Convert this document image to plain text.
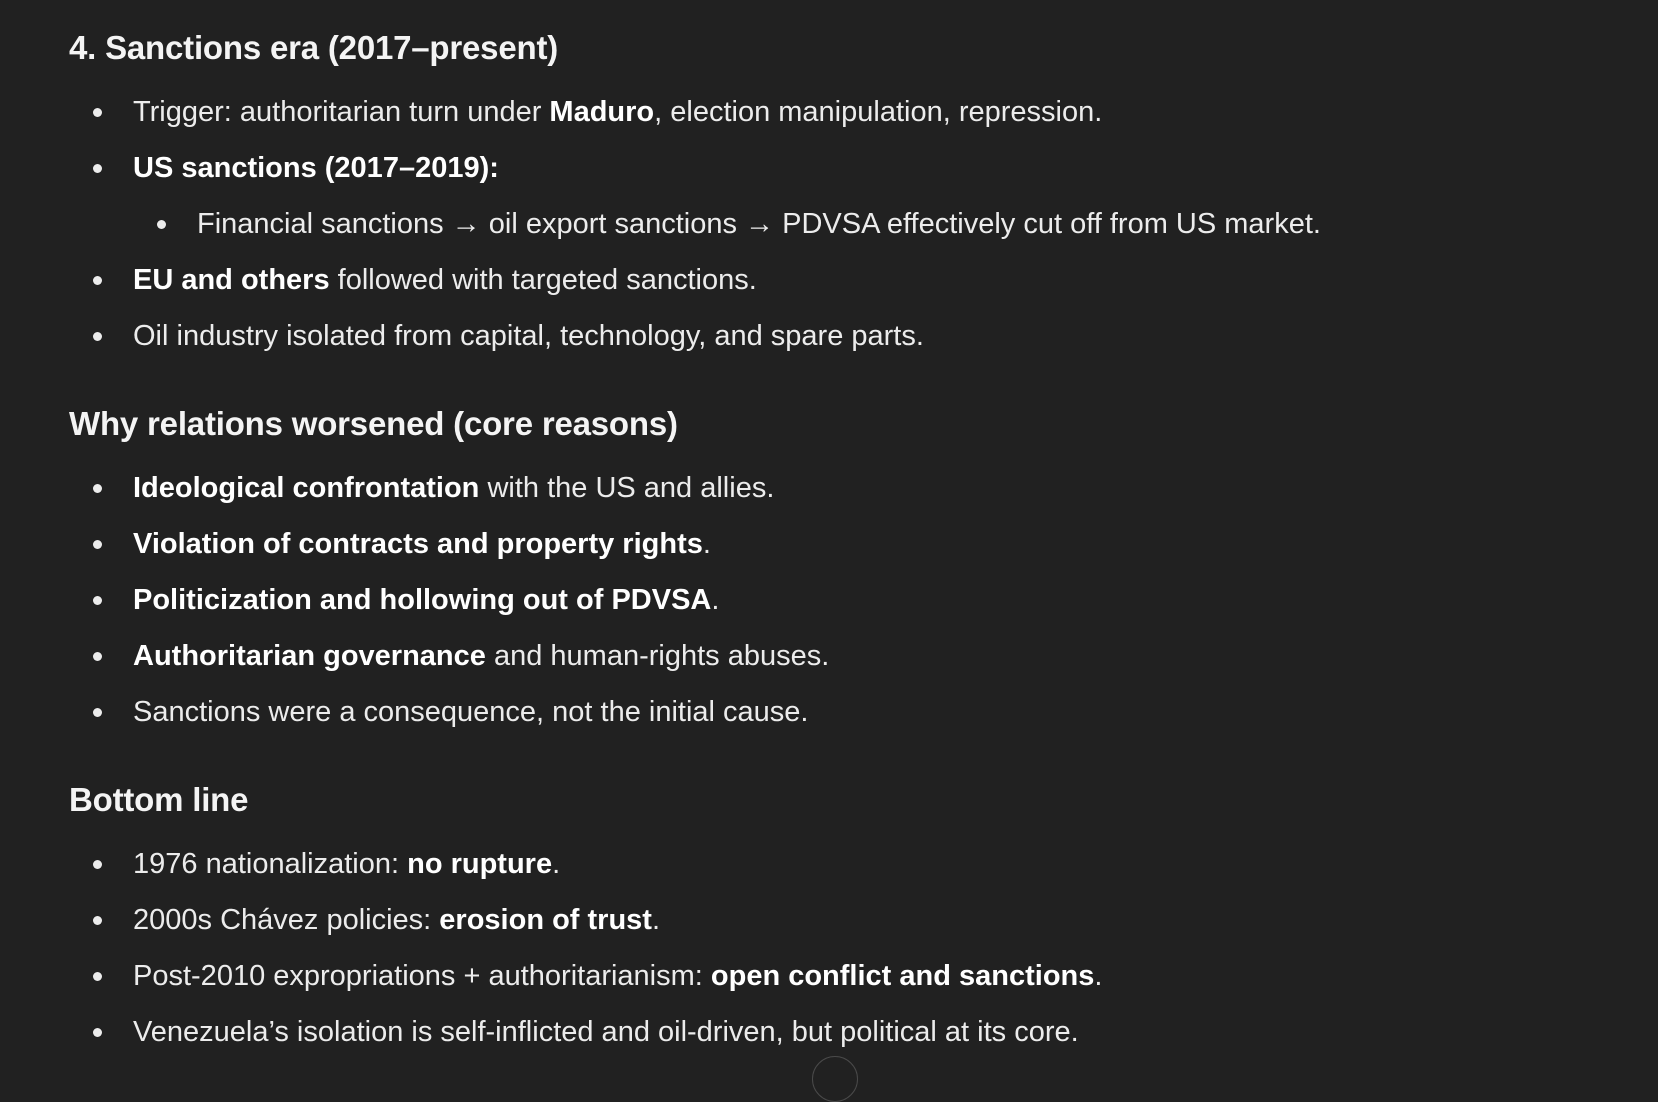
4. Sanctions era (2017–present)
Trigger: authoritarian turn under Maduro, election manipulation, repression.
US sanctions (2017–2019):
Financial sanctions → oil export sanctions → PDVSA effectively cut off from US market.
EU and others followed with targeted sanctions.
Oil industry isolated from capital, technology, and spare parts.
Why relations worsened (core reasons)
Ideological confrontation with the US and allies.
Violation of contracts and property rights.
Politicization and hollowing out of PDVSA.
Authoritarian governance and human-rights abuses.
Sanctions were a consequence, not the initial cause.
Bottom line
1976 nationalization: no rupture.
2000s Chávez policies: erosion of trust.
Post-2010 expropriations + authoritarianism: open conflict and sanctions.
Venezuela’s isolation is self-inflicted and oil-driven, but political at its core.
